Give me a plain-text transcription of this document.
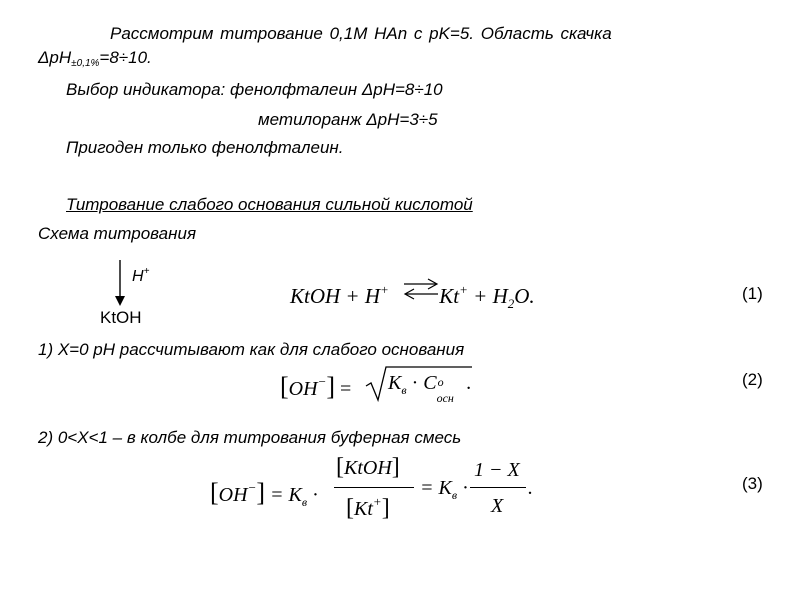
Рассмотрим титрование 0,1М HAn с рK=5. Область скачка
ΔpH$_{\pm 0,1\%}$=8÷10.
Выбор индикатора: фенолфталеин ΔpH=8÷10
метилоранж ΔpH=3÷5
Пригоден только фенолфталеин.
Титрование слабого основания сильной кислотой
Схема титрования
H+
KtOH
KtOH + H+ $Kt^+ + H_2O$.	(1)
1) X=0 рН рассчитывают как для слабого основания
$[OH^-] = K_в \cdot C$ о
осн
.	(2)
2) 0<X<1 – в колбе для титрования буферная смесь
$[OH^-] = K_в$ ·
[KtOH]
[Kt+]
= $K_в$ ·
1 − X
X
.	(3)
